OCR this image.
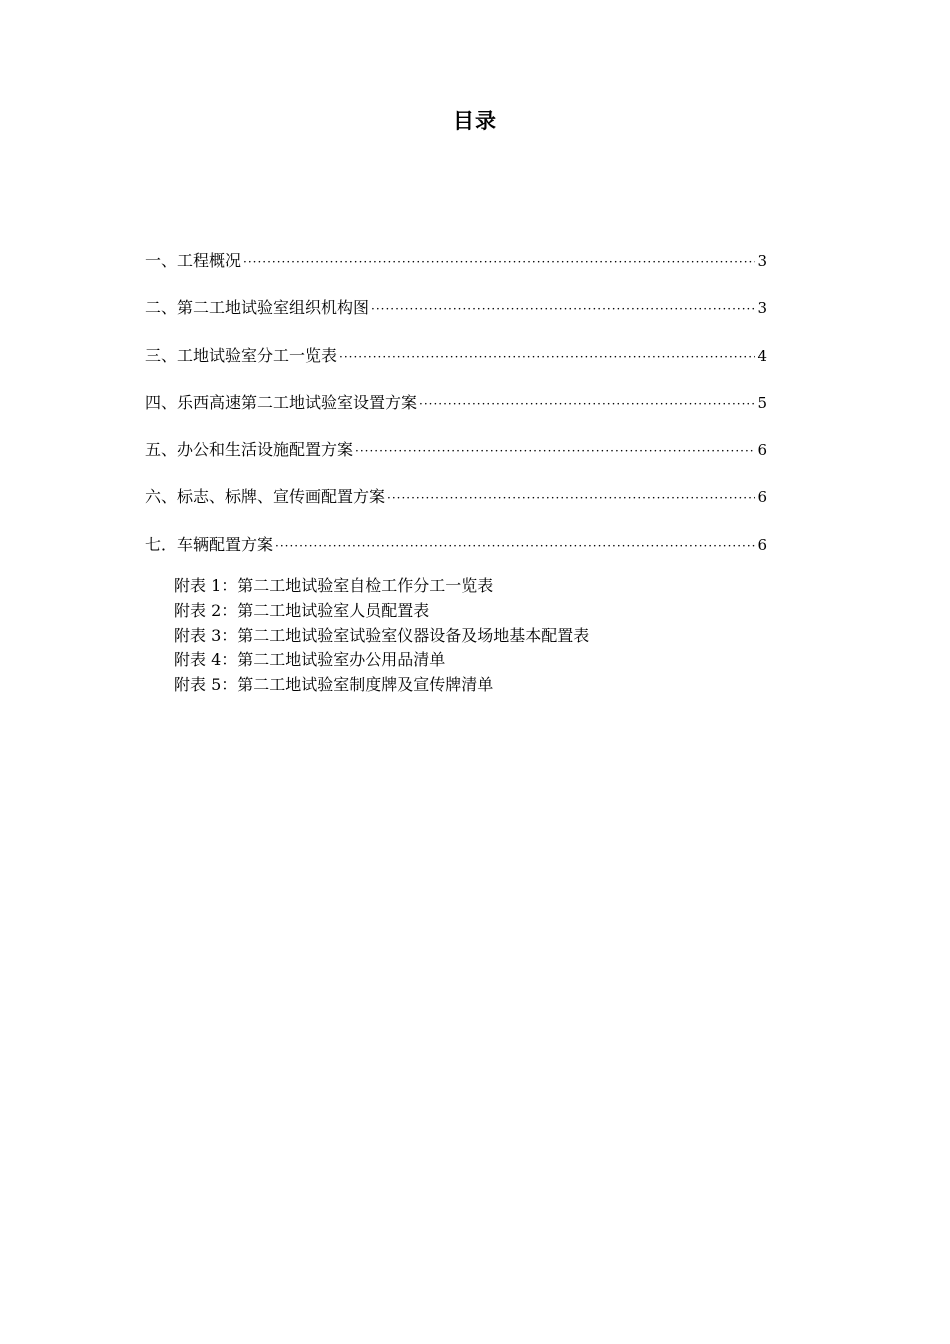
目录
一、工程概况 ·····	3
二、第二工地试验室组织机构图 ·····	3
三、工地试验室分工一览表 ·····	4
四、乐西高速第二工地试验室设置方案 ·····	5
五、办公和生活设施配置方案 ·····	6
六、标志、标牌、宣传画配置方案 ·····	6
七．车辆配置方案 ·····	6
附表 1：第二工地试验室自检工作分工一览表
附表 2：第二工地试验室人员配置表
附表 3：第二工地试验室试验室仪器设备及场地基本配置表
附表 4：第二工地试验室办公用品清单
附表 5：第二工地试验室制度牌及宣传牌清单
